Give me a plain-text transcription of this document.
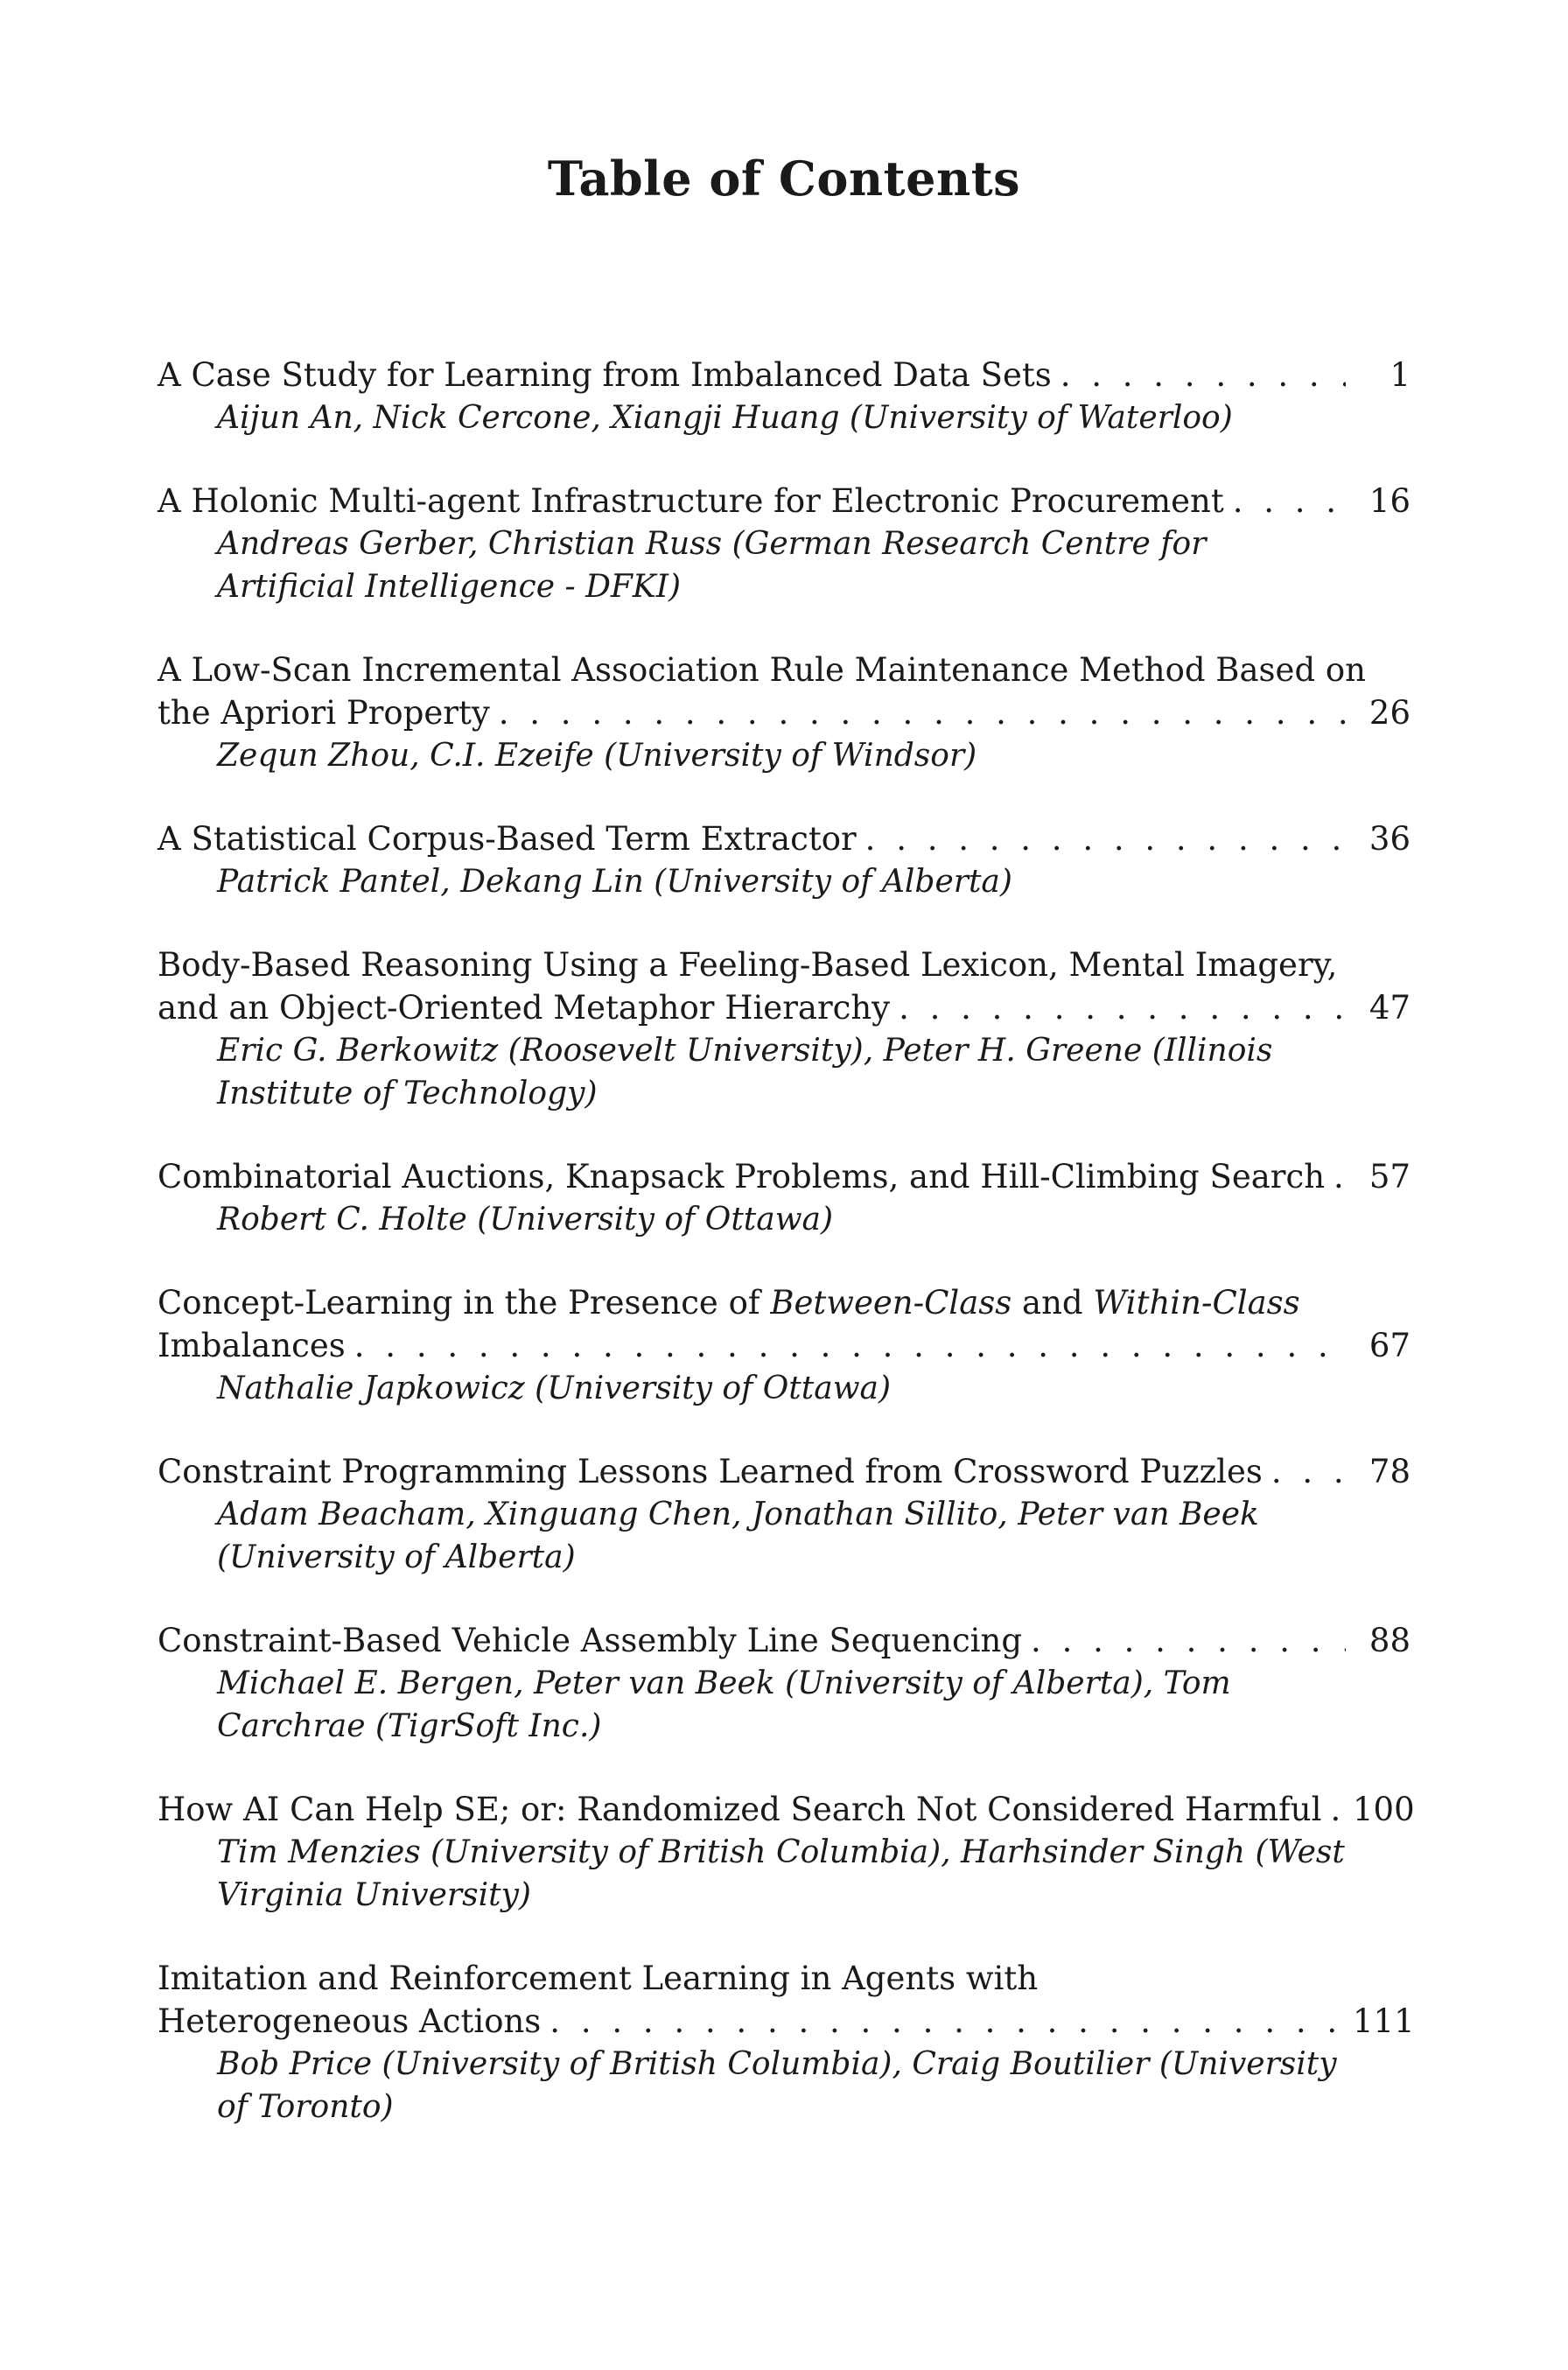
Table of Contents
A Case Study for Learning from Imbalanced Data Sets . . .	1
Aijun An, Nick Cercone, Xiangji Huang (University of Waterloo)
A Holonic Multi-agent Infrastructure for Electronic Procurement . . .	16
Andreas Gerber, Christian Russ (German Research Centre for Artificial Intelligence - DFKI)
A Low-Scan Incremental Association Rule Maintenance Method Based on
the Apriori Property . . .	26
Zequn Zhou, C.I. Ezeife (University of Windsor)
A Statistical Corpus-Based Term Extractor . . .	36
Patrick Pantel, Dekang Lin (University of Alberta)
Body-Based Reasoning Using a Feeling-Based Lexicon, Mental Imagery,
and an Object-Oriented Metaphor Hierarchy . . .	47
Eric G. Berkowitz (Roosevelt University), Peter H. Greene (Illinois Institute of Technology)
Combinatorial Auctions, Knapsack Problems, and Hill-Climbing Search . . .	57
Robert C. Holte (University of Ottawa)
Concept-Learning in the Presence of Between-Class and Within-Class
Imbalances . . .	67
Nathalie Japkowicz (University of Ottawa)
Constraint Programming Lessons Learned from Crossword Puzzles . . .	78
Adam Beacham, Xinguang Chen, Jonathan Sillito, Peter van Beek (University of Alberta)
Constraint-Based Vehicle Assembly Line Sequencing . . .	88
Michael E. Bergen, Peter van Beek (University of Alberta), Tom Carchrae (TigrSoft Inc.)
How AI Can Help SE; or: Randomized Search Not Considered Harmful . . . 100
Tim Menzies (University of British Columbia), Harhsinder Singh (West Virginia University)
Imitation and Reinforcement Learning in Agents with
Heterogeneous Actions . . .	111
Bob Price (University of British Columbia), Craig Boutilier (University of Toronto)
